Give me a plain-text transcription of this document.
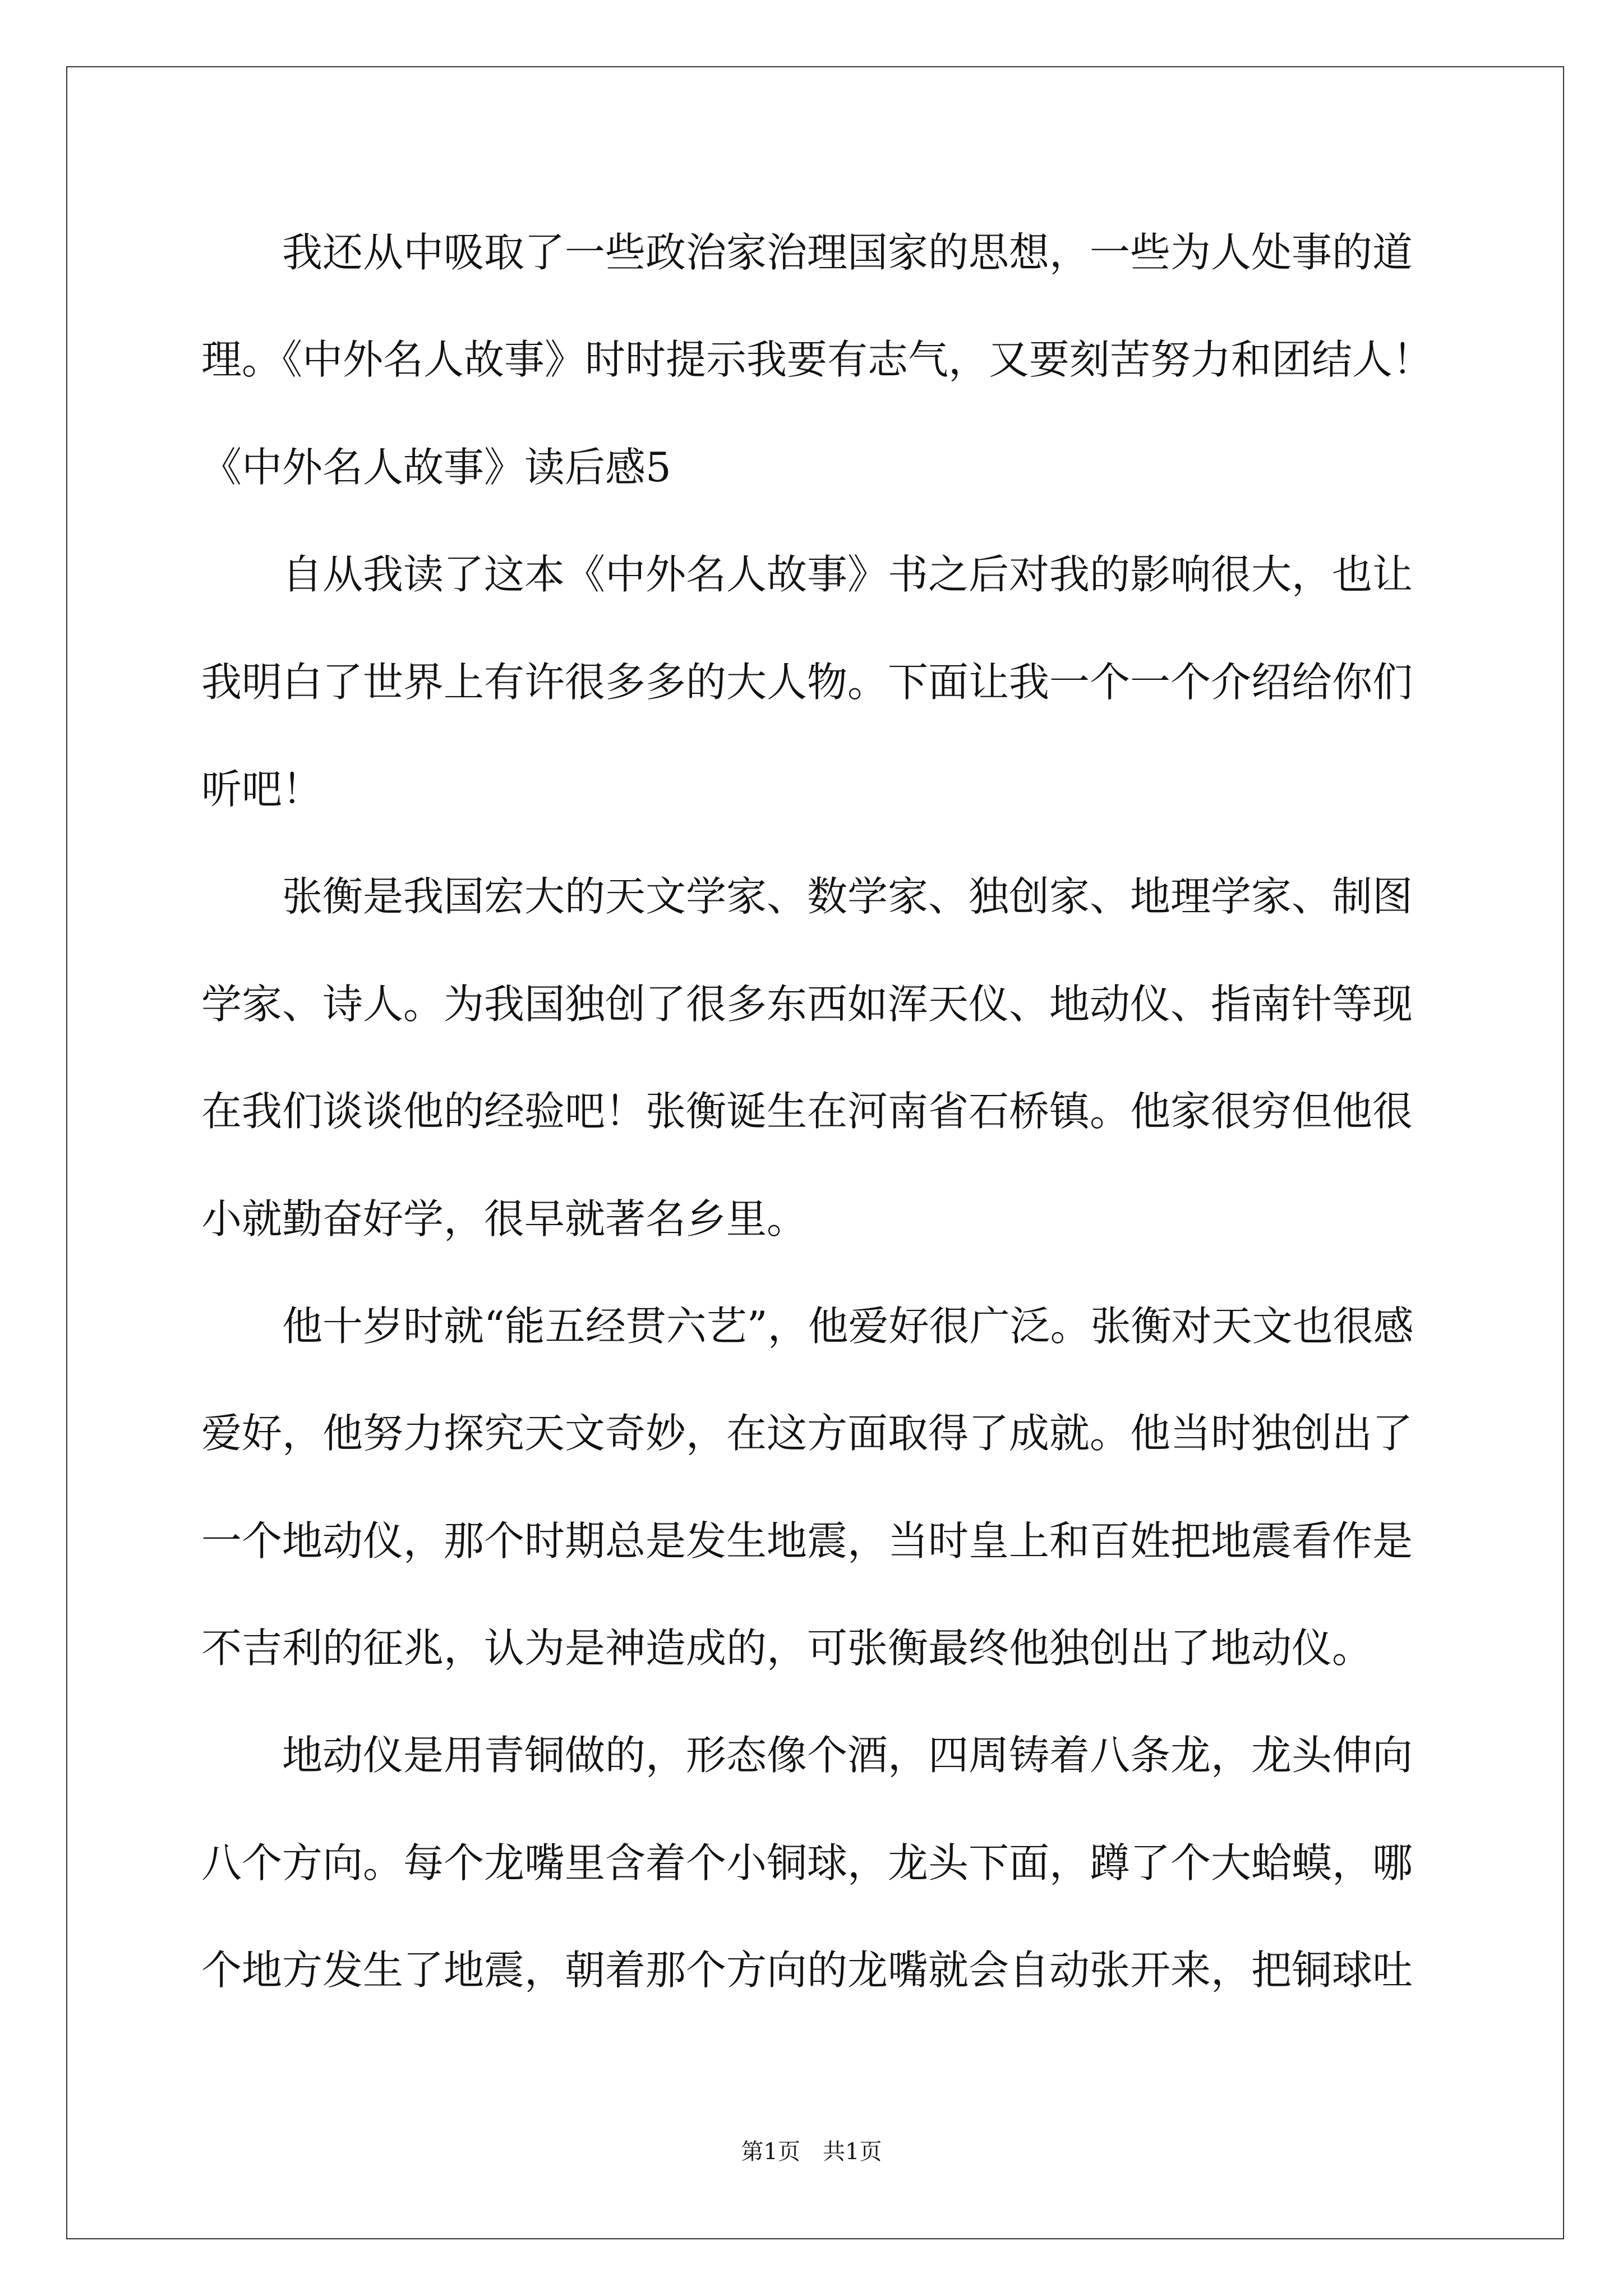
我还从中吸取了一些政治家治理国家的思想，一些为人处事的道
理。《中外名人故事》时时提示我要有志气，又要刻苦努力和团结人！
《中外名人故事》读后感5
自从我读了这本《中外名人故事》书之后对我的影响很大，也让
我明白了世界上有许很多多的大人物。下面让我一个一个介绍给你们
听吧！
张衡是我国宏大的天文学家、数学家、独创家、地理学家、制图
学家、诗人。为我国独创了很多东西如浑天仪、地动仪、指南针等现
在我们谈谈他的经验吧！张衡诞生在河南省石桥镇。他家很穷但他很
小就勤奋好学，很早就著名乡里。
他十岁时就“能五经贯六艺”，他爱好很广泛。张衡对天文也很感
爱好，他努力探究天文奇妙，在这方面取得了成就。他当时独创出了
一个地动仪，那个时期总是发生地震，当时皇上和百姓把地震看作是
不吉利的征兆，认为是神造成的，可张衡最终他独创出了地动仪。
地动仪是用青铜做的，形态像个酒，四周铸着八条龙，龙头伸向
八个方向。每个龙嘴里含着个小铜球，龙头下面，蹲了个大蛤蟆，哪
个地方发生了地震，朝着那个方向的龙嘴就会自动张开来，把铜球吐
第1页 共1页
